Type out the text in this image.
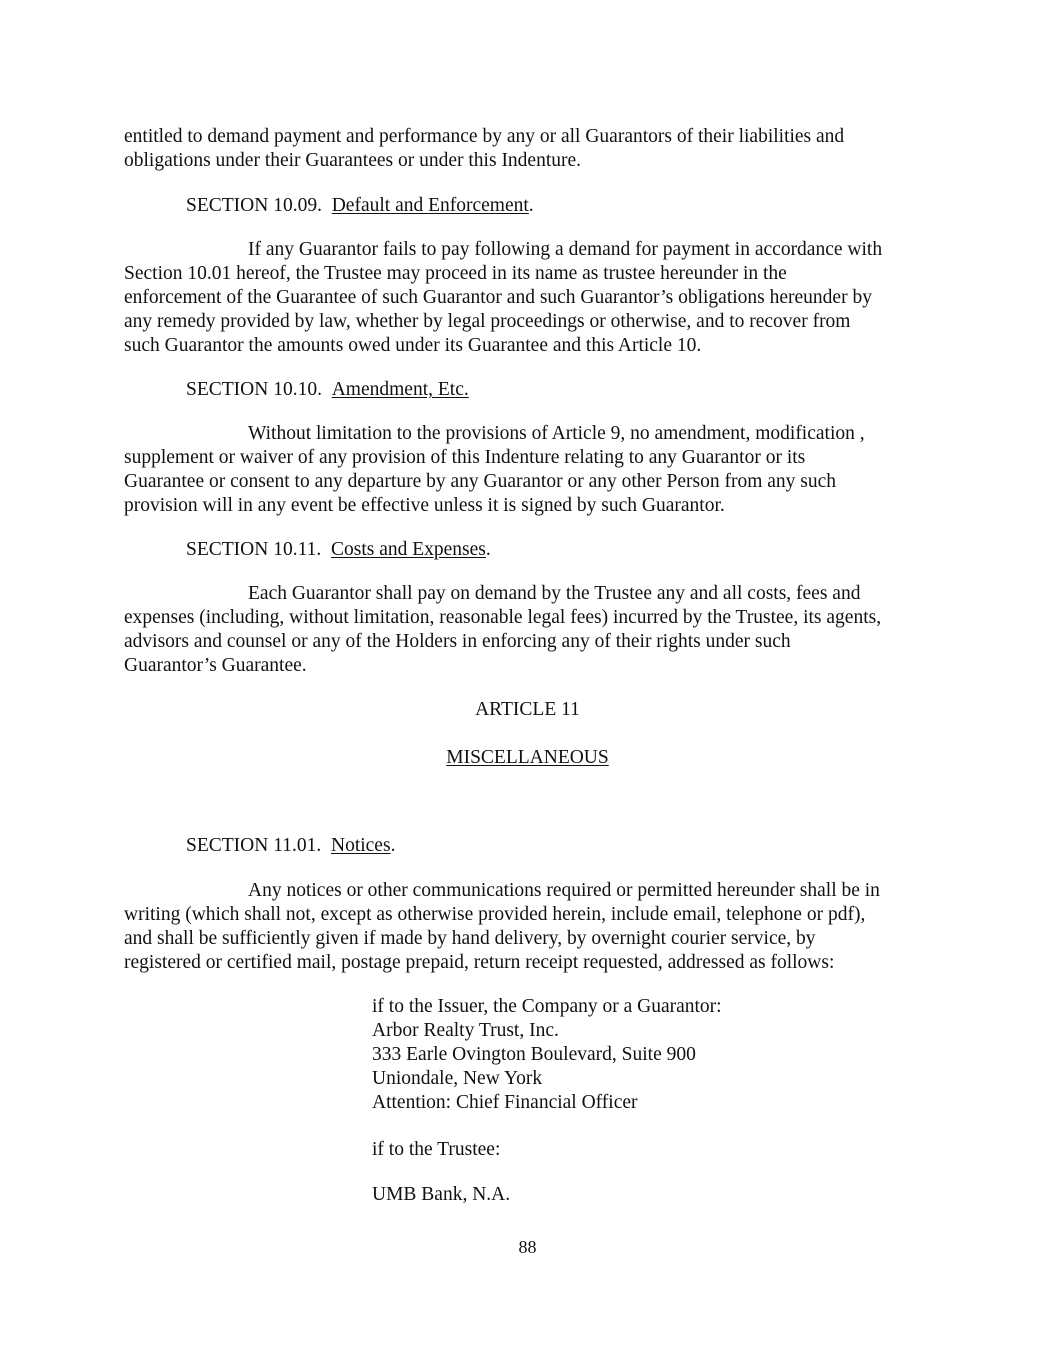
entitled to demand payment and performance by any or all Guarantors of their liabilities and
obligations under their Guarantees or under this Indenture.
SECTION 10.09. Default and Enforcement.
If any Guarantor fails to pay following a demand for payment in accordance with
Section 10.01 hereof, the Trustee may proceed in its name as trustee hereunder in the
enforcement of the Guarantee of such Guarantor and such Guarantor’s obligations hereunder by
any remedy provided by law, whether by legal proceedings or otherwise, and to recover from
such Guarantor the amounts owed under its Guarantee and this Article 10.
SECTION 10.10. Amendment, Etc.
Without limitation to the provisions of Article 9, no amendment, modification ,
supplement or waiver of any provision of this Indenture relating to any Guarantor or its
Guarantee or consent to any departure by any Guarantor or any other Person from any such
provision will in any event be effective unless it is signed by such Guarantor.
SECTION 10.11. Costs and Expenses.
Each Guarantor shall pay on demand by the Trustee any and all costs, fees and
expenses (including, without limitation, reasonable legal fees) incurred by the Trustee, its agents,
advisors and counsel or any of the Holders in enforcing any of their rights under such
Guarantor’s Guarantee.
ARTICLE 11
MISCELLANEOUS
SECTION 11.01. Notices.
Any notices or other communications required or permitted hereunder shall be in
writing (which shall not, except as otherwise provided herein, include email, telephone or pdf),
and shall be sufficiently given if made by hand delivery, by overnight courier service, by
registered or certified mail, postage prepaid, return receipt requested, addressed as follows:
if to the Issuer, the Company or a Guarantor:
Arbor Realty Trust, Inc.
333 Earle Ovington Boulevard, Suite 900
Uniondale, New York
Attention: Chief Financial Officer
if to the Trustee:
UMB Bank, N.A.
88
